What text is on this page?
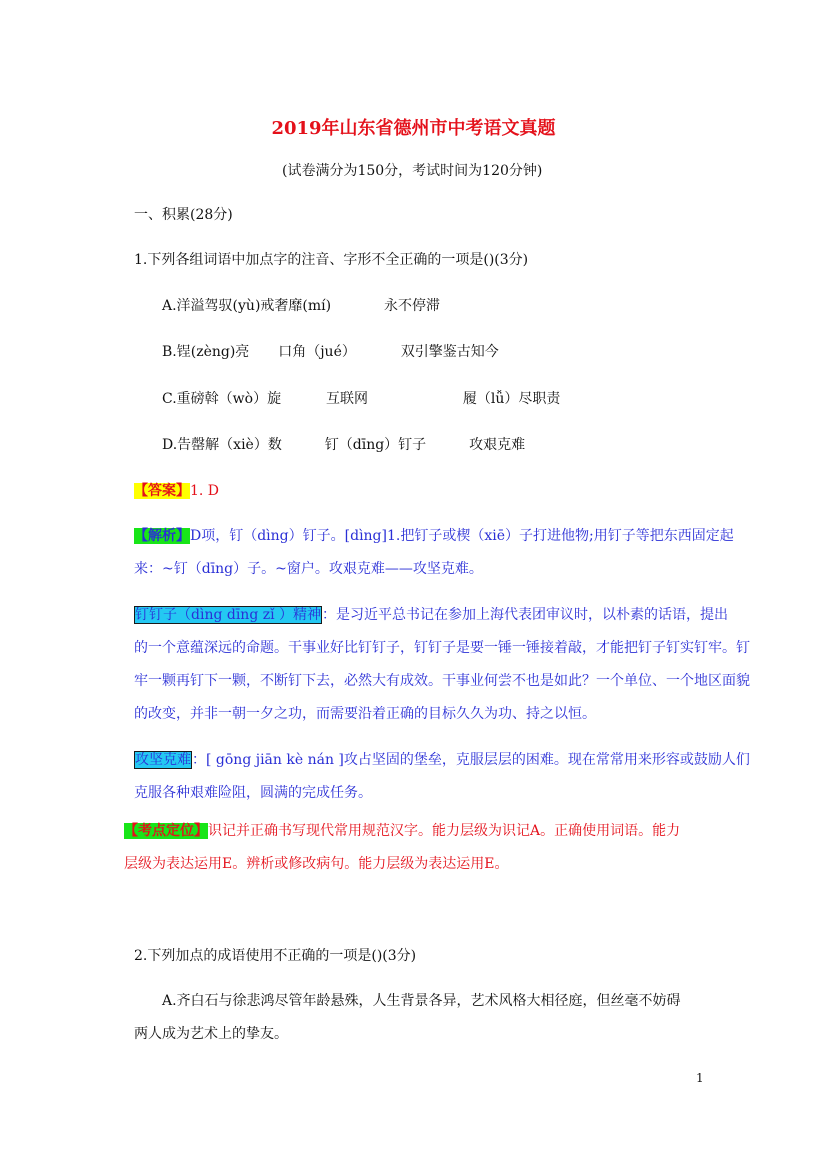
2019年山东省德州市中考语文真题
(试卷满分为150分，考试时间为120分钟)
一、积累(28分)
1.下列各组词语中加点字的注音、字形不全正确的一项是()(3分)
A.洋溢驾驭(yù)戒奢靡(mí)	永不停滞
B.锃(zèng)亮 口角（jué）	双引擎鉴古知今
C.重磅斡（wò）旋	互联网	履（lǚ）尽职责
D.告罄解（xiè）数	钉（dīng）钉子	攻艰克难
【答案】1. D
【解析】D项，钉（dìng）钉子。[dìng]1.把钉子或楔（xiē）子打进他物;用钉子等把东西固定起
来：~钉（dīng）子。~窗户。攻艰克难——攻坚克难。
钉钉子（dìng dīng zǐ ）精神：是习近平总书记在参加上海代表团审议时，以朴素的话语，提出
的一个意蕴深远的命题。干事业好比钉钉子，钉钉子是要一锤一锤接着敲，才能把钉子钉实钉牢。钉
牢一颗再钉下一颗，不断钉下去，必然大有成效。干事业何尝不也是如此？一个单位、一个地区面貌
的改变，并非一朝一夕之功，而需要沿着正确的目标久久为功、持之以恒。
攻坚克难：[ gōng jiān kè nán ]攻占坚固的堡垒，克服层层的困难。现在常常用来形容或鼓励人们
克服各种艰难险阻，圆满的完成任务。
【考点定位】识记并正确书写现代常用规范汉字。能力层级为识记A。正确使用词语。能力
层级为表达运用E。辨析或修改病句。能力层级为表达运用E。
2.下列加点的成语使用不正确的一项是()(3分)
A.齐白石与徐悲鸿尽管年龄悬殊，人生背景各异，艺术风格大相径庭，但丝毫不妨碍
两人成为艺术上的挚友。
1
